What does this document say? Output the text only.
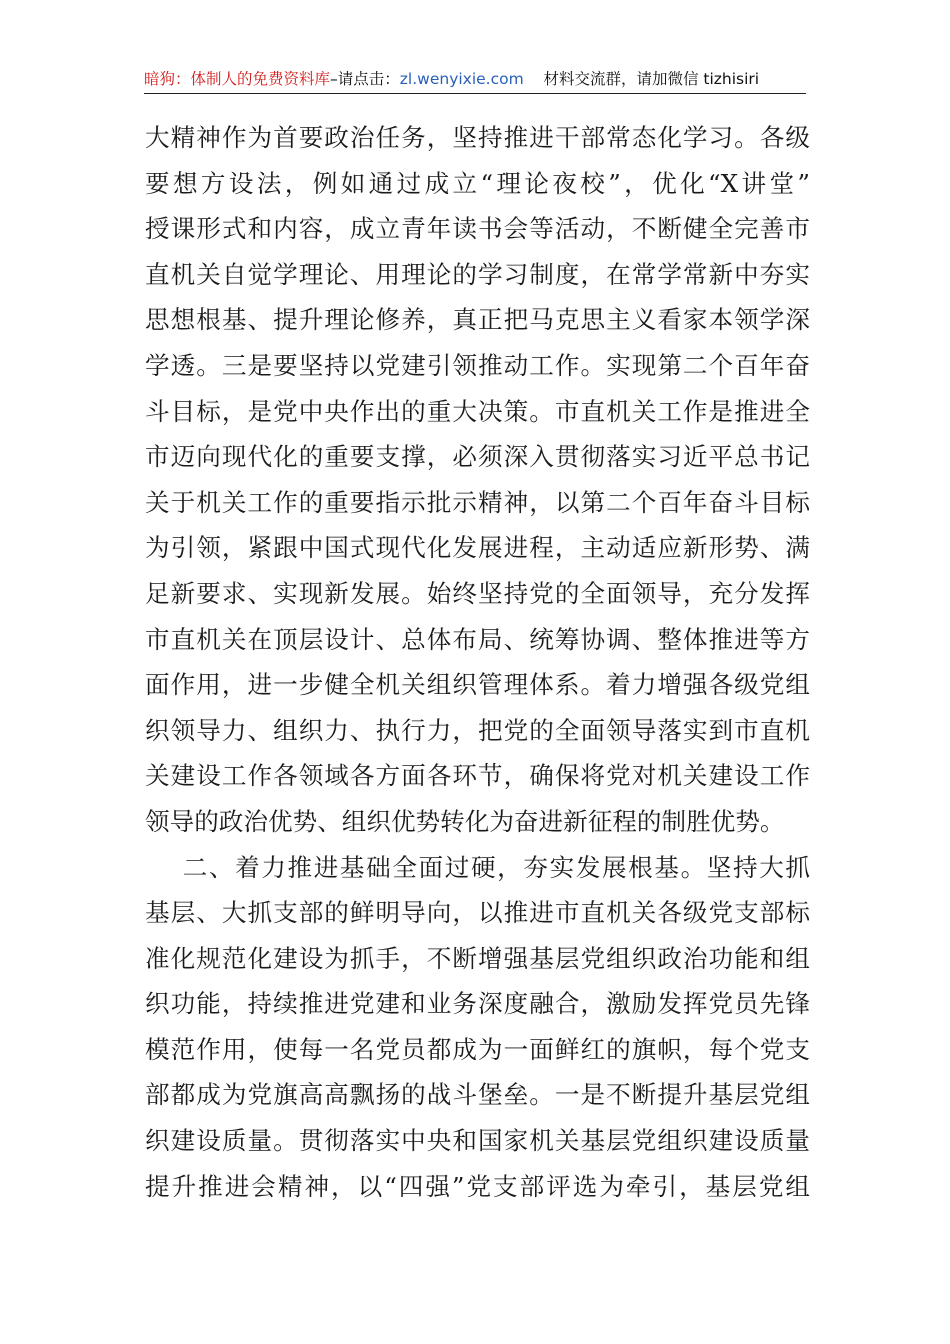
暗狗：体制人的免费资料库–请点击：zl.wenyixie.com 材料交流群，请加微信 tizhisiri
大精神作为首要政治任务，坚持推进干部常态化学习。各级
要想方设法，例如通过成立“理论夜校”，优化“X讲堂”
授课形式和内容，成立青年读书会等活动，不断健全完善市
直机关自觉学理论、用理论的学习制度，在常学常新中夯实
思想根基、提升理论修养，真正把马克思主义看家本领学深
学透。三是要坚持以党建引领推动工作。实现第二个百年奋
斗目标，是党中央作出的重大决策。市直机关工作是推进全
市迈向现代化的重要支撑，必须深入贯彻落实习近平总书记
关于机关工作的重要指示批示精神，以第二个百年奋斗目标
为引领，紧跟中国式现代化发展进程，主动适应新形势、满
足新要求、实现新发展。始终坚持党的全面领导，充分发挥
市直机关在顶层设计、总体布局、统筹协调、整体推进等方
面作用，进一步健全机关组织管理体系。着力增强各级党组
织领导力、组织力、执行力，把党的全面领导落实到市直机
关建设工作各领域各方面各环节，确保将党对机关建设工作
领导的政治优势、组织优势转化为奋进新征程的制胜优势。
二、着力推进基础全面过硬，夯实发展根基。坚持大抓
基层、大抓支部的鲜明导向，以推进市直机关各级党支部标
准化规范化建设为抓手，不断增强基层党组织政治功能和组
织功能，持续推进党建和业务深度融合，激励发挥党员先锋
模范作用，使每一名党员都成为一面鲜红的旗帜，每个党支
部都成为党旗高高飘扬的战斗堡垒。一是不断提升基层党组
织建设质量。贯彻落实中央和国家机关基层党组织建设质量
提升推进会精神，以“四强”党支部评选为牵引，基层党组
